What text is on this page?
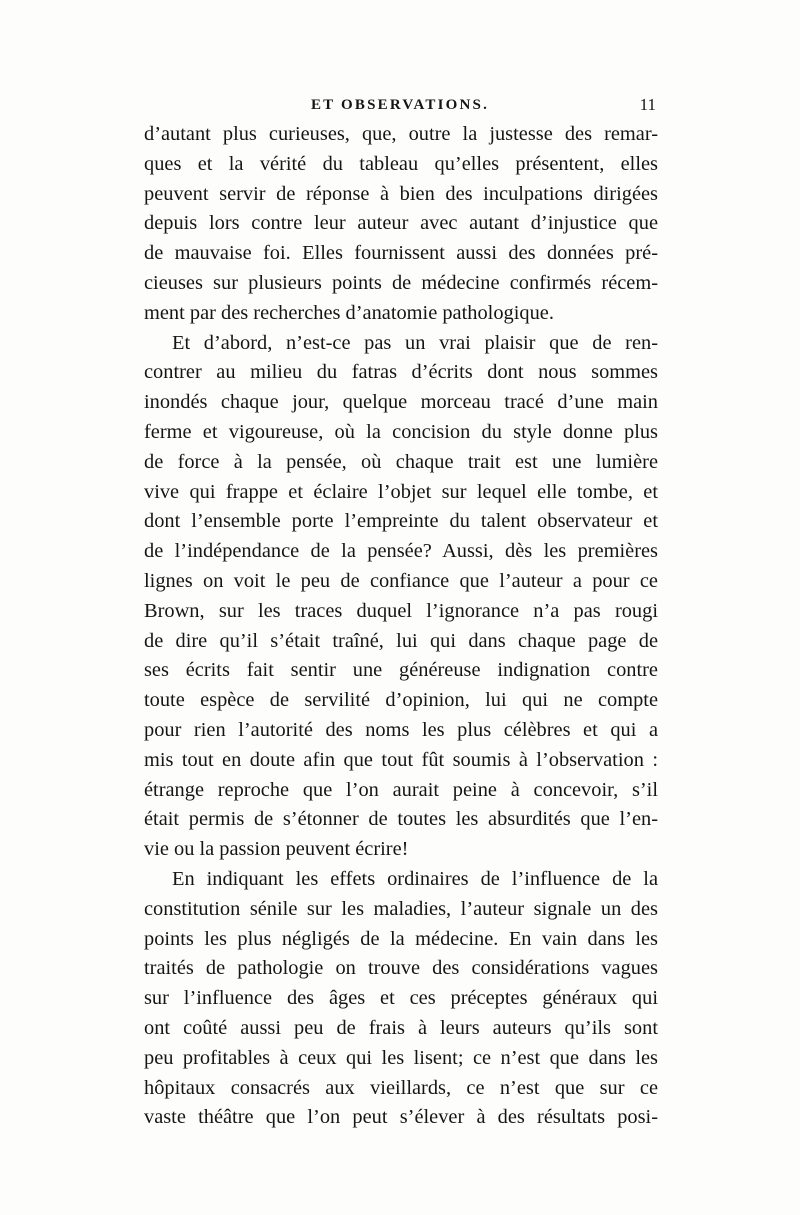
ET OBSERVATIONS.	11
d’autant plus curieuses, que, outre la justesse des remar-
ques et la vérité du tableau qu’elles présentent, elles
peuvent servir de réponse à bien des inculpations dirigées
depuis lors contre leur auteur avec autant d’injustice que
de mauvaise foi. Elles fournissent aussi des données pré-
cieuses sur plusieurs points de médecine confirmés récem-
ment par des recherches d’anatomie pathologique.
Et d’abord, n’est-ce pas un vrai plaisir que de ren-
contrer au milieu du fatras d’écrits dont nous sommes
inondés chaque jour, quelque morceau tracé d’une main
ferme et vigoureuse, où la concision du style donne plus
de force à la pensée, où chaque trait est une lumière
vive qui frappe et éclaire l’objet sur lequel elle tombe, et
dont l’ensemble porte l’empreinte du talent observateur et
de l’indépendance de la pensée? Aussi, dès les premières
lignes on voit le peu de confiance que l’auteur a pour ce
Brown, sur les traces duquel l’ignorance n’a pas rougi
de dire qu’il s’était traîné, lui qui dans chaque page de
ses écrits fait sentir une généreuse indignation contre
toute espèce de servilité d’opinion, lui qui ne compte
pour rien l’autorité des noms les plus célèbres et qui a
mis tout en doute afin que tout fût soumis à l’observation :
étrange reproche que l’on aurait peine à concevoir, s’il
était permis de s’étonner de toutes les absurdités que l’en-
vie ou la passion peuvent écrire!
En indiquant les effets ordinaires de l’influence de la
constitution sénile sur les maladies, l’auteur signale un des
points les plus négligés de la médecine. En vain dans les
traités de pathologie on trouve des considérations vagues
sur l’influence des âges et ces préceptes généraux qui
ont coûté aussi peu de frais à leurs auteurs qu’ils sont
peu profitables à ceux qui les lisent; ce n’est que dans les
hôpitaux consacrés aux vieillards, ce n’est que sur ce
vaste théâtre que l’on peut s’élever à des résultats posi-
